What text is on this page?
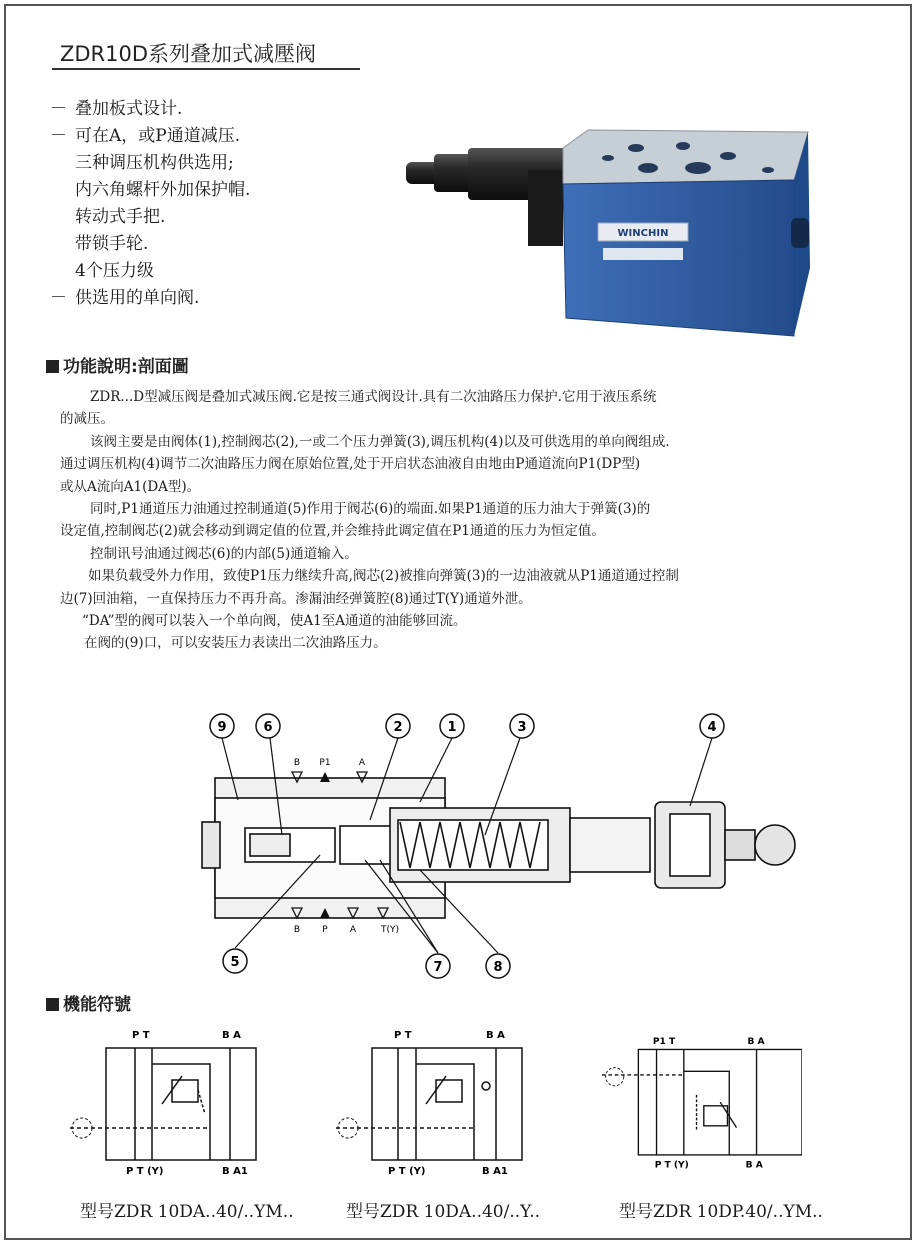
ZDR10D系列叠加式减壓阀
－ 叠加板式设计.
－ 可在A，或P通道减压.
三种调压机构供选用;
内六角螺杆外加保护帽.
转动式手把.
带锁手轮.
4个压力级
－ 供选用的单向阀.
WINCHIN
功能說明:剖面圖

ZDR...D型减压阀是叠加式减压阀.它是按三通式阀设计.具有二次油路压力保护.它用于液压系统

的减压。

该阀主要是由阀体(1),控制阀芯(2),一或二个压力弹簧(3),调压机构(4)以及可供选用的单向阀组成.

通过调压机构(4)调节二次油路压力阀在原始位置,处于开启状态油液自由地由P通道流向P1(DP型)

或从A流向A1(DA型)。

同时,P1通道压力油通过控制通道(5)作用于阀芯(6)的端面.如果P1通道的压力油大于弹簧(3)的

设定值,控制阀芯(2)就会移动到调定值的位置,并会维持此调定值在P1通道的压力为恒定值。

控制讯号油通过阀芯(6)的内部(5)通道输入。

如果负载受外力作用，致使P1压力继续升高,阀芯(2)被推向弹簧(3)的一边油液就从P1通道通过控制

边(7)回油箱，一直保持压力不再升高。渗漏油经弹簧腔(8)通过T(Y)通道外泄。

“DA”型的阀可以装入一个单向阀，使A1至A通道的油能够回流。

在阀的(9)口，可以安装压力表读出二次油路压力。

B P1	A
B P A	T(Y)
9	6	2	1	3	4
5	7	8
機能符號
P T	B A
P T (Y)	B A1
P T	B A
P T (Y)	B A1
P1 T	B A
P T (Y)	B A
型号ZDR 10DA..40/..YM..	型号ZDR 10DA..40/..Y..	型号ZDR 10DP.40/..YM..
